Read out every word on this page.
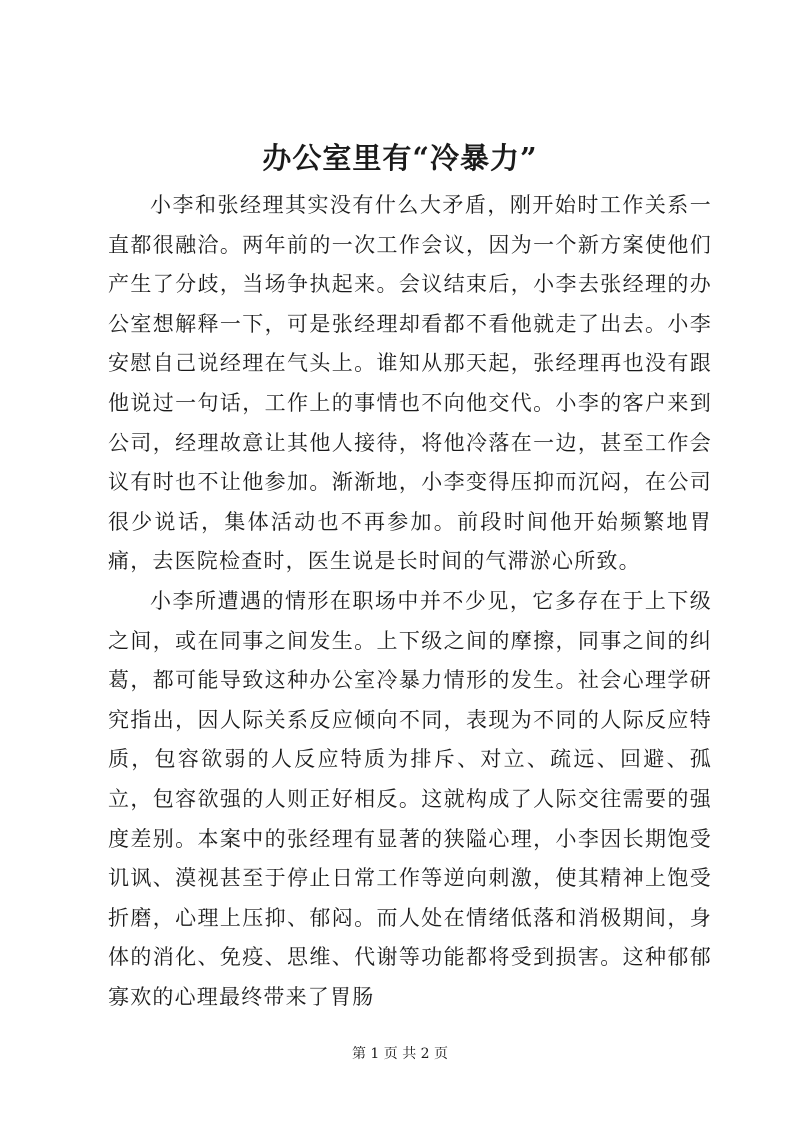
办公室里有“冷暴力”

小李和张经理其实没有什么大矛盾，刚开始时工作关系一直都很融洽。两年前的一次工作会议，因为一个新方案使他们产生了分歧，当场争执起来。会议结束后，小李去张经理的办公室想解释一下，可是张经理却看都不看他就走了出去。小李安慰自己说经理在气头上。谁知从那天起，张经理再也没有跟他说过一句话，工作上的事情也不向他交代。小李的客户来到公司，经理故意让其他人接待，将他冷落在一边，甚至工作会议有时也不让他参加。渐渐地，小李变得压抑而沉闷，在公司很少说话，集体活动也不再参加。前段时间他开始频繁地胃痛，去医院检查时，医生说是长时间的气滞淤心所致。

小李所遭遇的情形在职场中并不少见，它多存在于上下级之间，或在同事之间发生。上下级之间的摩擦，同事之间的纠葛，都可能导致这种办公室冷暴力情形的发生。社会心理学研究指出，因人际关系反应倾向不同，表现为不同的人际反应特质，包容欲弱的人反应特质为排斥、对立、疏远、回避、孤立，包容欲强的人则正好相反。这就构成了人际交往需要的强度差别。本案中的张经理有显著的狭隘心理，小李因长期饱受讥讽、漠视甚至于停止日常工作等逆向刺激，使其精神上饱受折磨，心理上压抑、郁闷。而人处在情绪低落和消极期间，身体的消化、免疫、思维、代谢等功能都将受到损害。这种郁郁寡欢的心理最终带来了胃肠

第 1 页 共 2 页
